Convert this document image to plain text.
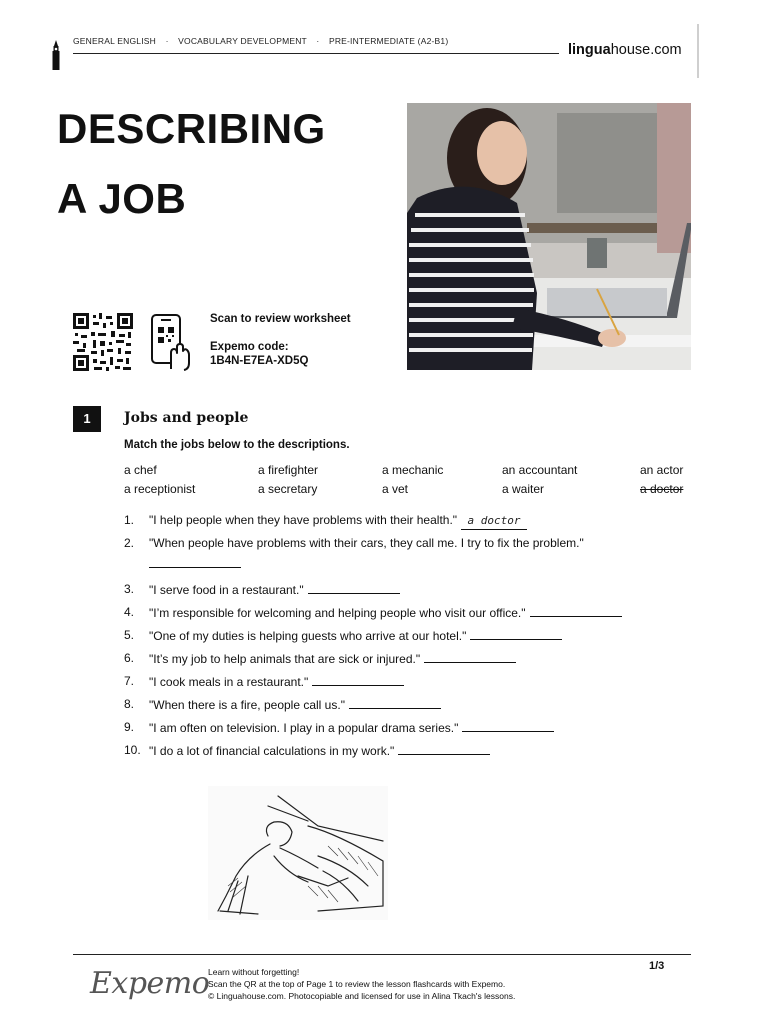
GENERAL ENGLISH · VOCABULARY DEVELOPMENT · PRE-INTERMEDIATE (A2-B1)
linguahouse.com
DESCRIBING
A JOB
Scan to review worksheet
Expemo code:
1B4N-E7EA-XD5Q
1	Jobs and people
Match the jobs below to the descriptions.
a chef	a firefighter	a mechanic	an accountant	an actor
a receptionist	a secretary	a vet	a waiter	a doctor
1. "I help people when they have problems with their health." a doctor
2. "When people have problems with their cars, they call me. I try to fix the problem."
3. "I serve food in a restaurant."
4. "I’m responsible for welcoming and helping people who visit our office."
5. "One of my duties is helping guests who arrive at our hotel."
6. "It’s my job to help animals that are sick or injured."
7. "I cook meals in a restaurant."
8. "When there is a fire, people call us."
9. "I am often on television. I play in a popular drama series."
10. "I do a lot of financial calculations in my work."
Expemo
Learn without forgetting!
Scan the QR at the top of Page 1 to review the lesson flashcards with Expemo.
© Linguahouse.com. Photocopiable and licensed for use in Alina Tkach's lessons.
1/3
